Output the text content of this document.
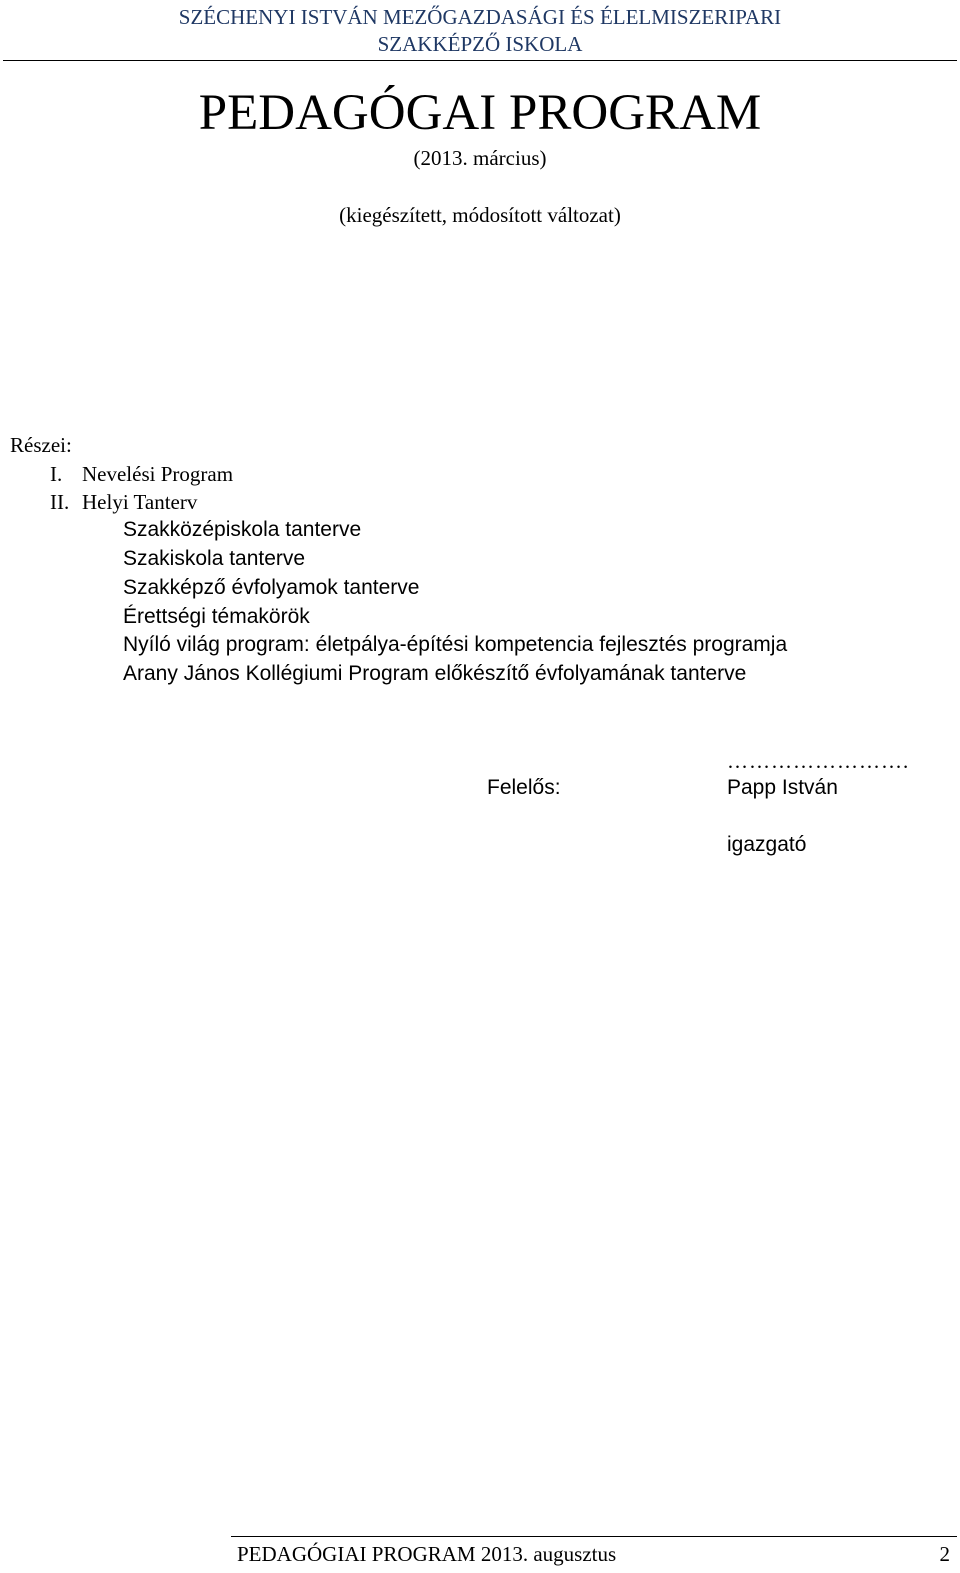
SZÉCHENYI ISTVÁN MEZŐGAZDASÁGI ÉS ÉLELMISZERIPARI
SZAKKÉPZŐ ISKOLA
PEDAGÓGAI PROGRAM
(2013. március)
(kiegészített, módosított változat)
Részei:
I. Nevelési Program
II. Helyi Tanterv
Szakközépiskola tanterve
Szakiskola tanterve
Szakképző évfolyamok tanterve
Érettségi témakörök
Nyíló világ program: életpálya-építési kompetencia fejlesztés programja
Arany János Kollégiumi Program előkészítő évfolyamának tanterve
Felelős:
…………………….
Papp István
igazgató
PEDAGÓGIAI PROGRAM 2013. augusztus	2
